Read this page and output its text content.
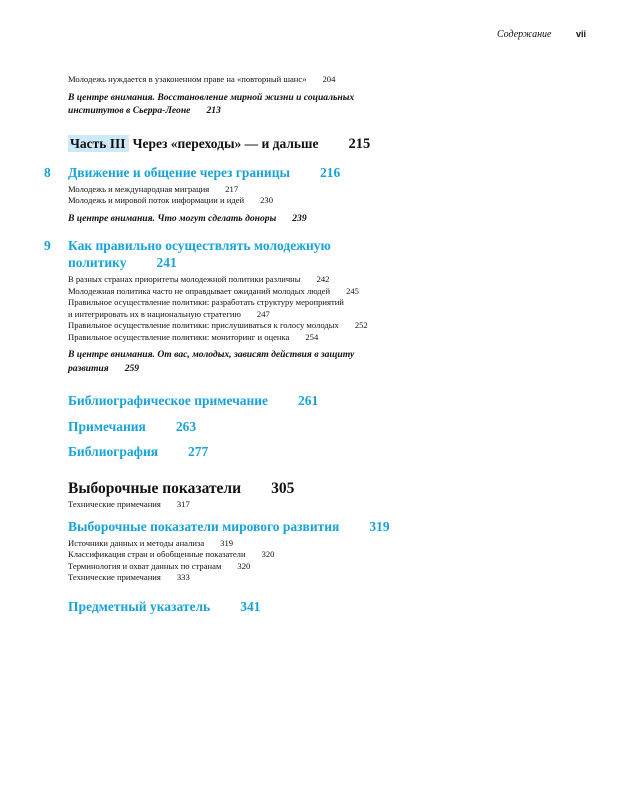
Содержание	vii
Молодежь нуждается в узаконенном праве на «повторный шанс» 204
В центре внимания. Восстановление мирной жизни и социальных
институтов в Сьерра-Леоне 213
Часть III Через «переходы» — и дальше 215
8 Движение и общение через границы 216
Молодежь и международная миграция 217
Молодежь и мировой поток информации и идей 230
В центре внимания. Что могут сделать доноры 239
9 Как правильно осуществлять молодежную
политику 241
В разных странах приоритеты молодежной политики различны 242
Молодежная политика часто не оправдывает ожиданий молодых людей 245
Правильное осуществление политики: разработать структуру мероприятий
и интегрировать их в национальную стратегию 247
Правильное осуществление политики: прислушиваться к голосу молодых 252
Правильное осуществление политики: мониторинг и оценка 254
В центре внимания. От вас, молодых, зависят действия в защиту
развития 259
Библиографическое примечание 261
Примечания 263
Библиография 277
Выборочные показатели 305
Технические примечания 317
Выборочные показатели мирового развития 319
Источники данных и методы анализа 319
Классификация стран и обобщенные показатели 320
Терминология и охват данных по странам 320
Технические примечания 333
Предметный указатель 341
